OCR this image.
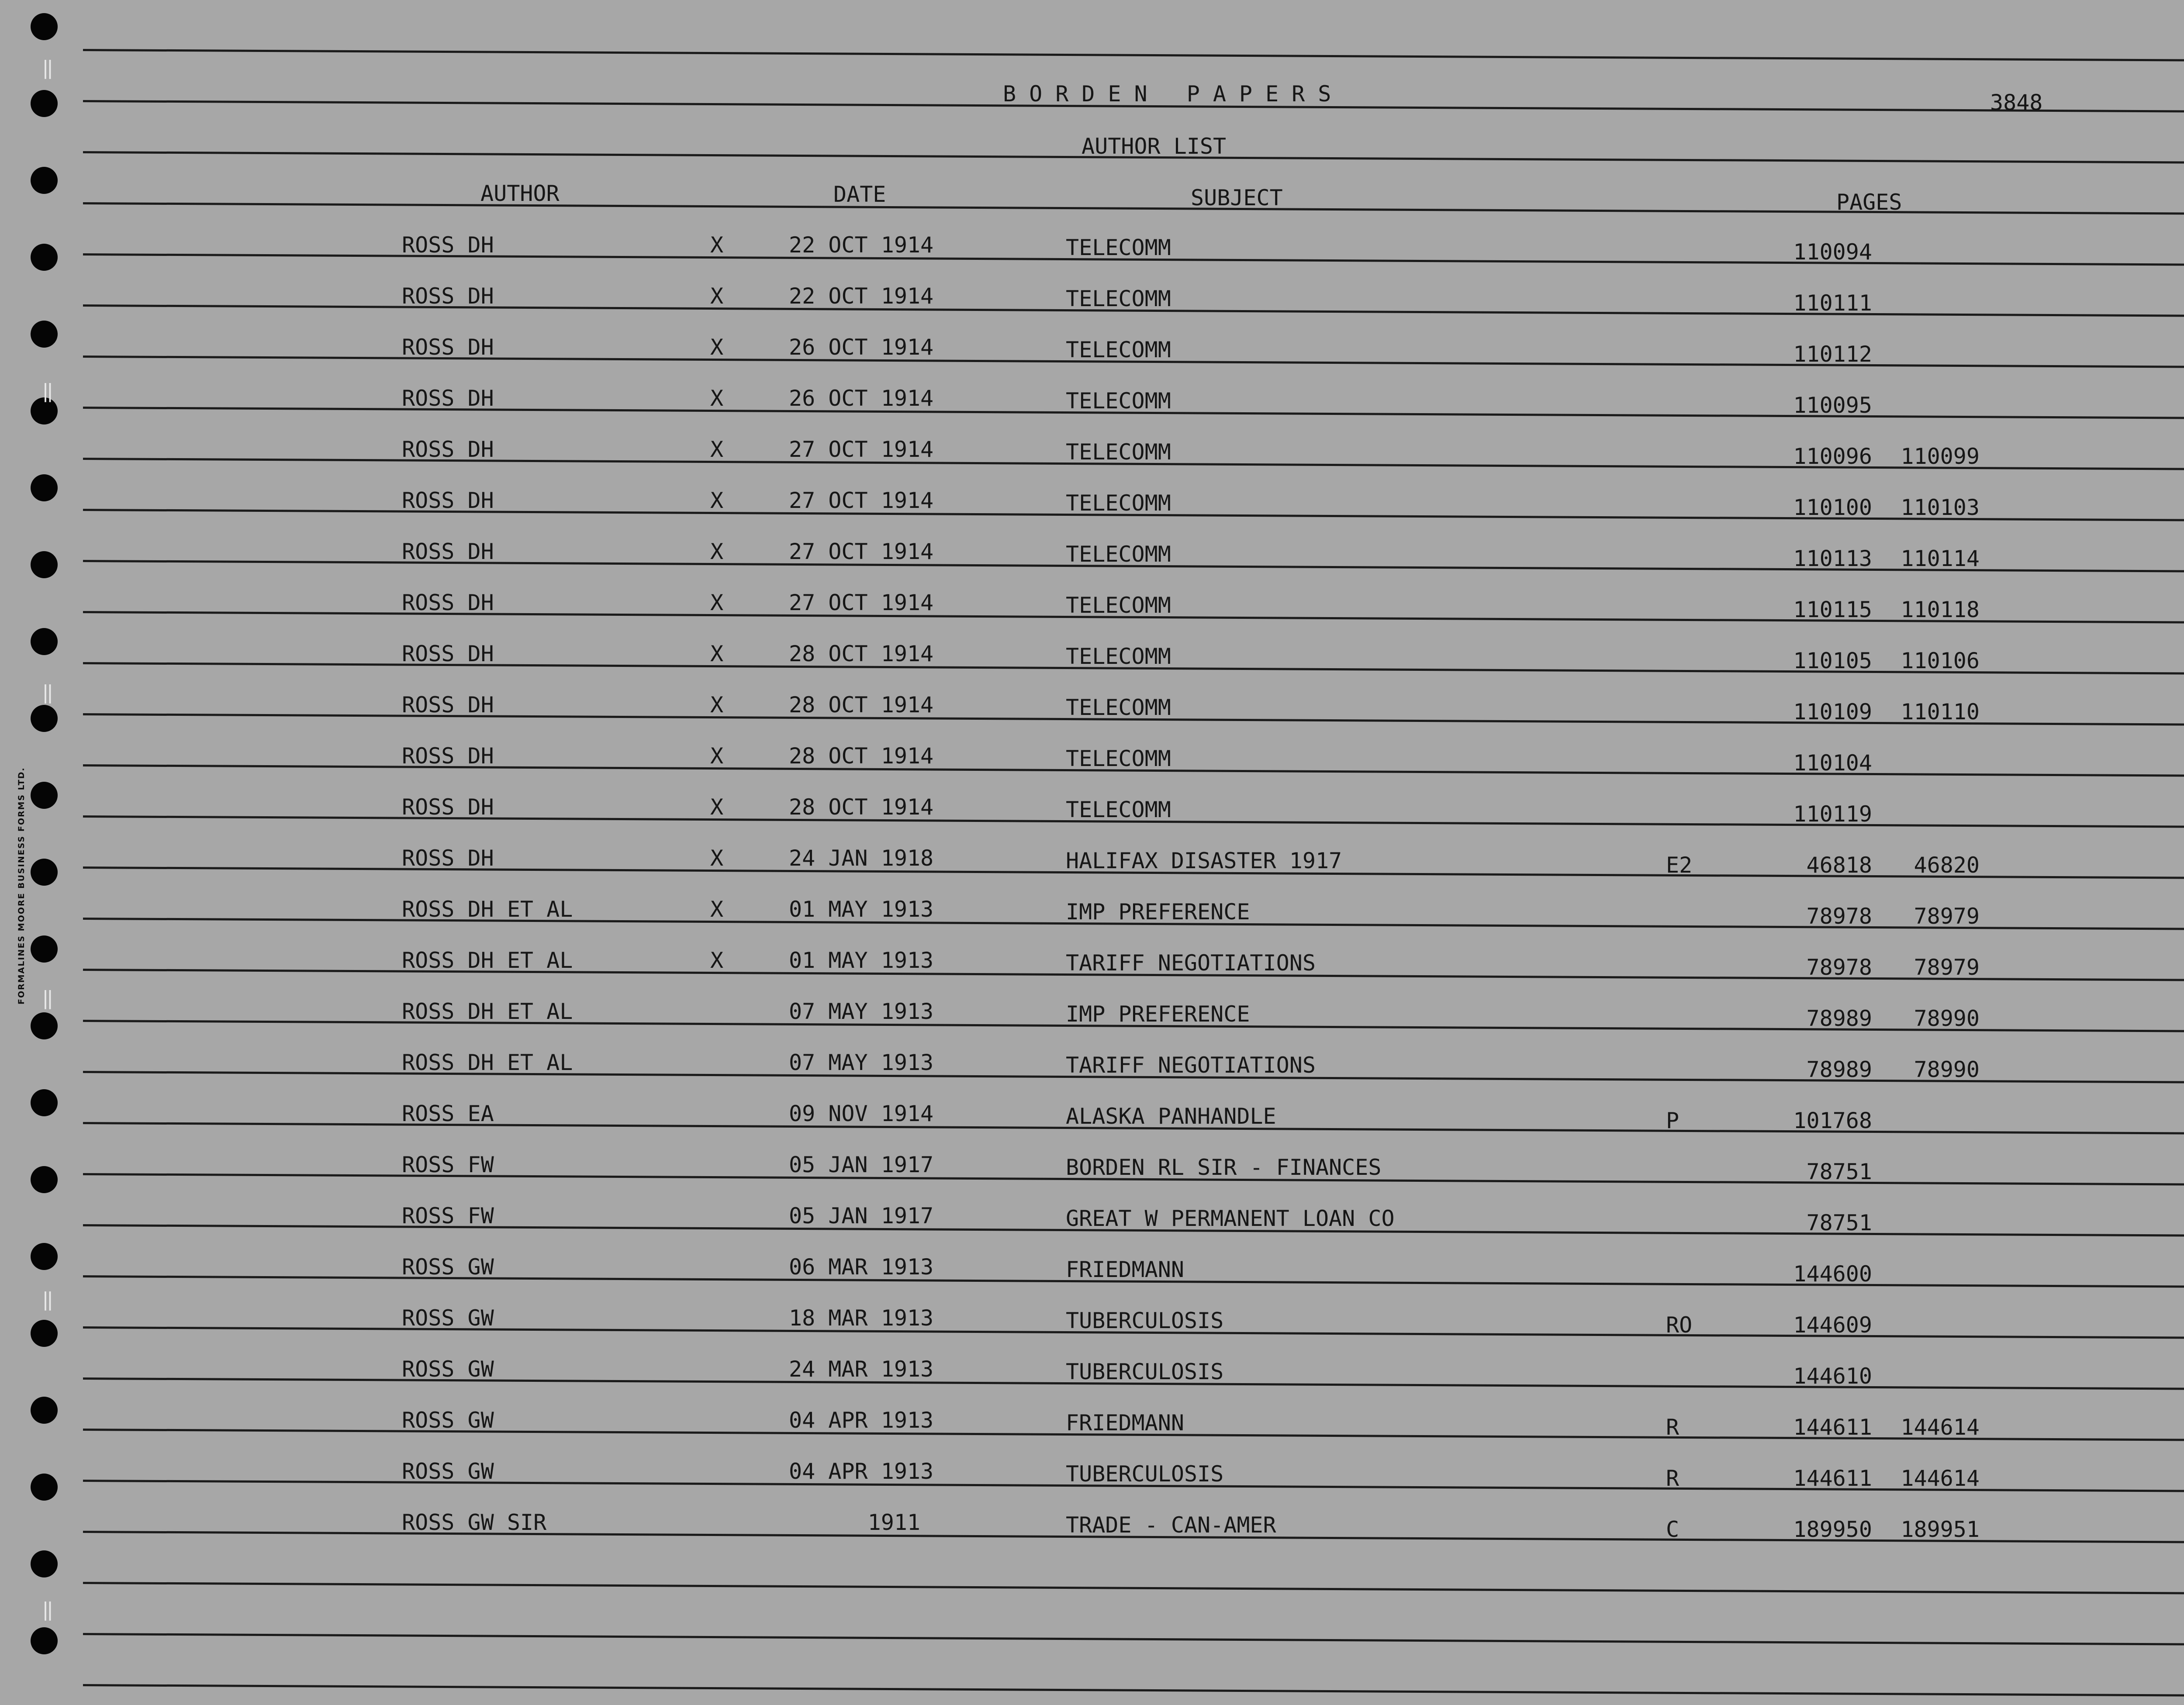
‖
‖
‖
‖
‖
‖
FORMALINES MOORE BUSINESS FORMS LTD.
BORDEN PAPERS	3848
AUTHOR LIST
AUTHOR	DATE	SUBJECT	PAGES
ROSS DH	X	22 OCT 1914	TELECOMM	110094
ROSS DH	X	22 OCT 1914	TELECOMM	110111
ROSS DH	X	26 OCT 1914	TELECOMM	110112
ROSS DH	X	26 OCT 1914	TELECOMM	110095
ROSS DH	X	27 OCT 1914	TELECOMM	110096	110099
ROSS DH	X	27 OCT 1914	TELECOMM	110100	110103
ROSS DH	X	27 OCT 1914	TELECOMM	110113	110114
ROSS DH	X	27 OCT 1914	TELECOMM	110115	110118
ROSS DH	X	28 OCT 1914	TELECOMM	110105	110106
ROSS DH	X	28 OCT 1914	TELECOMM	110109	110110
ROSS DH	X	28 OCT 1914	TELECOMM	110104
ROSS DH	X	28 OCT 1914	TELECOMM	110119
ROSS DH	X	24 JAN 1918	HALIFAX DISASTER 1917	E2	46818	46820
ROSS DH ET AL	X	01 MAY 1913	IMP PREFERENCE	78978	78979
ROSS DH ET AL	X	01 MAY 1913	TARIFF NEGOTIATIONS	78978	78979
ROSS DH ET AL	07 MAY 1913	IMP PREFERENCE	78989	78990
ROSS DH ET AL	07 MAY 1913	TARIFF NEGOTIATIONS	78989	78990
ROSS EA	09 NOV 1914	ALASKA PANHANDLE	P	101768
ROSS FW	05 JAN 1917	BORDEN RL SIR - FINANCES	78751
ROSS FW	05 JAN 1917	GREAT W PERMANENT LOAN CO	78751
ROSS GW	06 MAR 1913	FRIEDMANN	144600
ROSS GW	18 MAR 1913	TUBERCULOSIS	RO	144609
ROSS GW	24 MAR 1913	TUBERCULOSIS	144610
ROSS GW	04 APR 1913	FRIEDMANN	R	144611	144614
ROSS GW	04 APR 1913	TUBERCULOSIS	R	144611	144614
ROSS GW SIR	1911	TRADE - CAN-AMER	C	189950	189951
